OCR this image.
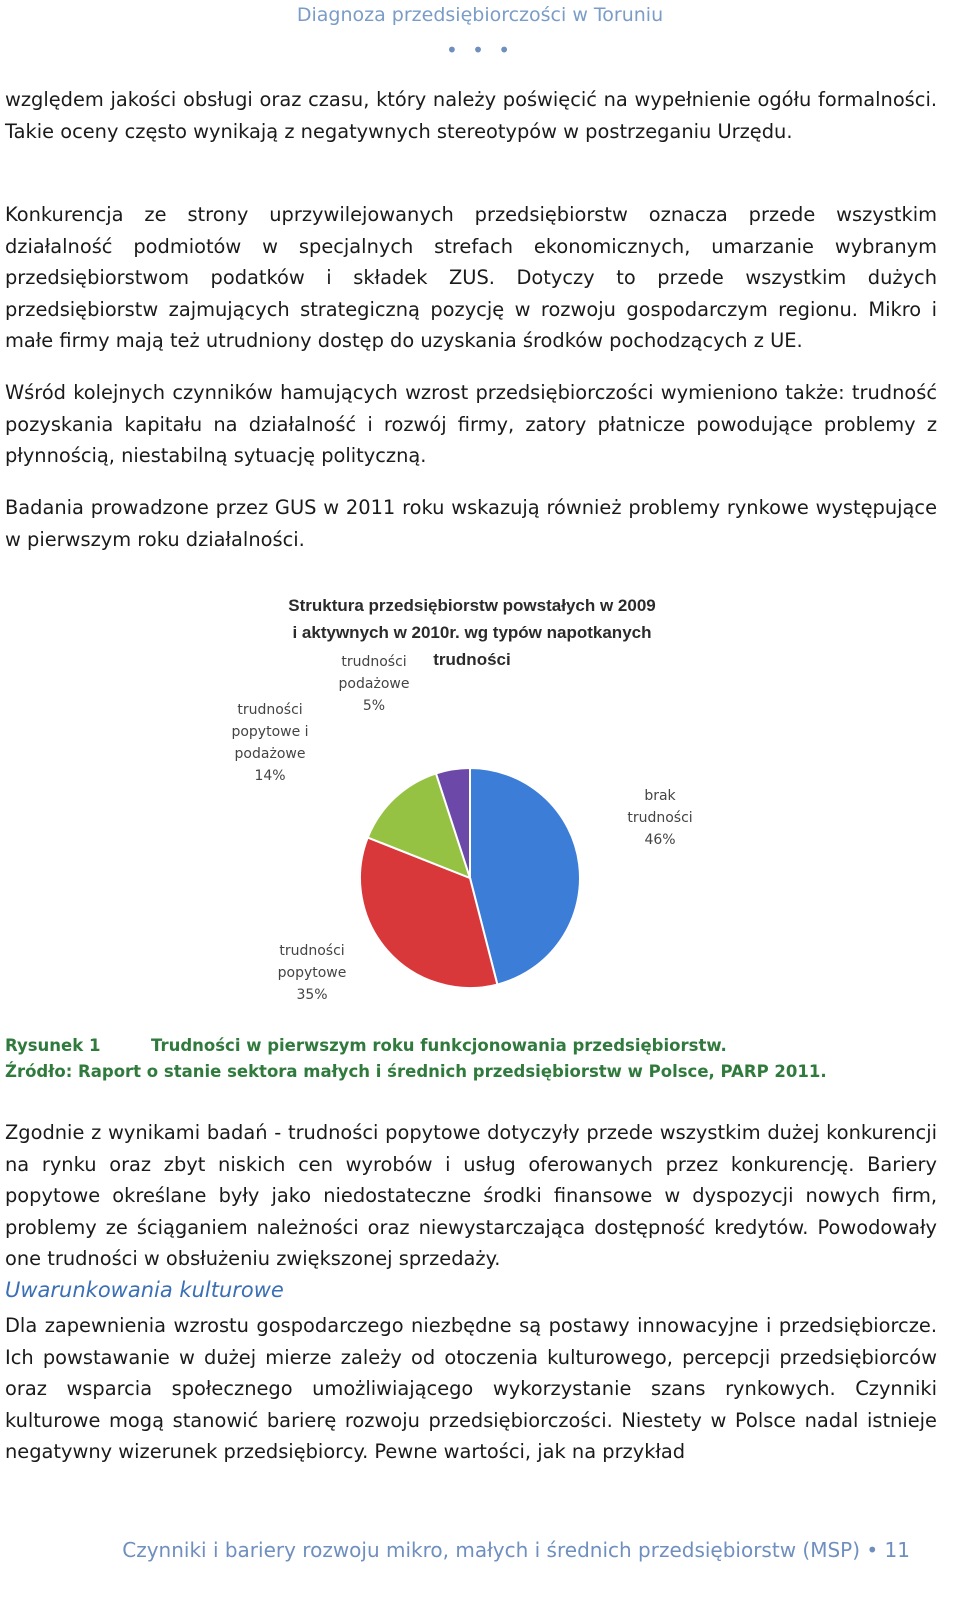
Diagnoza przedsiębiorczości w Toruniu
• • •

względem jakości obsługi oraz czasu, który należy poświęcić na wypełnienie ogółu formalności. Takie oceny często wynikają z negatywnych stereotypów w postrzeganiu Urzędu.

Konkurencja ze strony uprzywilejowanych przedsiębiorstw oznacza przede wszystkim działalność podmiotów w specjalnych strefach ekonomicznych, umarzanie wybranym przedsiębiorstwom podatków i składek ZUS. Dotyczy to przede wszystkim dużych przedsiębiorstw zajmujących strategiczną pozycję w rozwoju gospodarczym regionu. Mikro i małe firmy mają też utrudniony dostęp do uzyskania środków pochodzących z UE.

Wśród kolejnych czynników hamujących wzrost przedsiębiorczości wymieniono także: trudność pozyskania kapitału na działalność i rozwój firmy, zatory płatnicze powodujące problemy z płynnością, niestabilną sytuację polityczną.

Badania prowadzone przez GUS w 2011 roku wskazują również problemy rynkowe występujące w pierwszym roku działalności.

Struktura przedsiębiorstw powstałych w 2009
i aktywnych w 2010r. wg typów napotkanych
trudności
brak
trudności
46%
trudności
popytowe
35%
trudności
popytowe i
podażowe
14%
trudności
podażowe
5%
Rysunek 1	Trudności w pierwszym roku funkcjonowania przedsiębiorstw.
Źródło: Raport o stanie sektora małych i średnich przedsiębiorstw w Polsce, PARP 2011.

Zgodnie z wynikami badań - trudności popytowe dotyczyły przede wszystkim dużej konkurencji na rynku oraz zbyt niskich cen wyrobów i usług oferowanych przez konkurencję. Bariery popytowe określane były jako niedostateczne środki finansowe w dyspozycji nowych firm, problemy ze ściąganiem należności oraz niewystarczająca dostępność kredytów. Powodowały one trudności w obsłużeniu zwiększonej sprzedaży.

Uwarunkowania kulturowe

Dla zapewnienia wzrostu gospodarczego niezbędne są postawy innowacyjne i przedsiębiorcze. Ich powstawanie w dużej mierze zależy od otoczenia kulturowego, percepcji przedsiębiorców oraz wsparcia społecznego umożliwiającego wykorzystanie szans rynkowych. Czynniki kulturowe mogą stanowić barierę rozwoju przedsiębiorczości. Niestety w Polsce nadal istnieje negatywny wizerunek przedsiębiorcy. Pewne wartości, jak na przykład

Czynniki i bariery rozwoju mikro, małych i średnich przedsiębiorstw (MSP) • 11
